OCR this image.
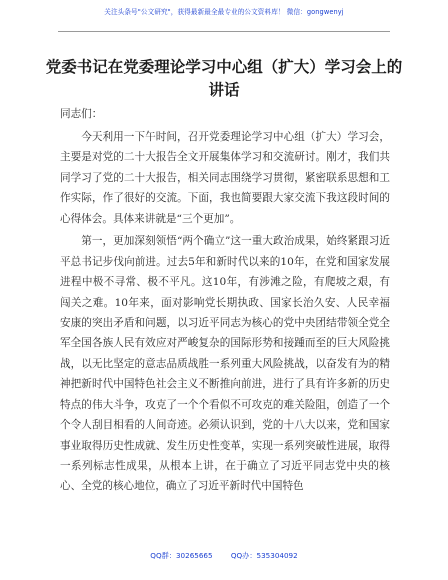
关注头条号"公文研究"，获得最新最全最专业的公文资料库！ 微信：gongwenyj
党委书记在党委理论学习中心组（扩大）学习会上的讲话

同志们：

今天利用一下午时间，召开党委理论学习中心组（扩大）学习会，主要是对党的二十大报告全文开展集体学习和交流研讨。刚才，我们共同学习了党的二十大报告，相关同志围绕学习贯彻，紧密联系思想和工作实际，作了很好的交流。下面，我也简要跟大家交流下我这段时间的心得体会。具体来讲就是“三个更加”。

第一，更加深刻领悟“两个确立”这一重大政治成果，始终紧跟习近平总书记步伐向前进。过去5年和新时代以来的10年，在党和国家发展进程中极不寻常、极不平凡。这10年，有涉滩之险，有爬坡之艰，有闯关之难。10年来，面对影响党长期执政、国家长治久安、人民幸福安康的突出矛盾和问题，以习近平同志为核心的党中央团结带领全党全军全国各族人民有效应对严峻复杂的国际形势和接踵而至的巨大风险挑战，以无比坚定的意志品质战胜一系列重大风险挑战，以奋发有为的精神把新时代中国特色社会主义不断推向前进，进行了具有许多新的历史特点的伟大斗争，攻克了一个个看似不可攻克的难关险阻，创造了一个个令人刮目相看的人间奇迹。必须认识到，党的十八大以来，党和国家事业取得历史性成就、发生历史性变革，实现一系列突破性进展，取得一系列标志性成果，从根本上讲，在于确立了习近平同志党中央的核心、全党的核心地位，确立了习近平新时代中国特色

QQ群：30265665        QQ办：535304092
